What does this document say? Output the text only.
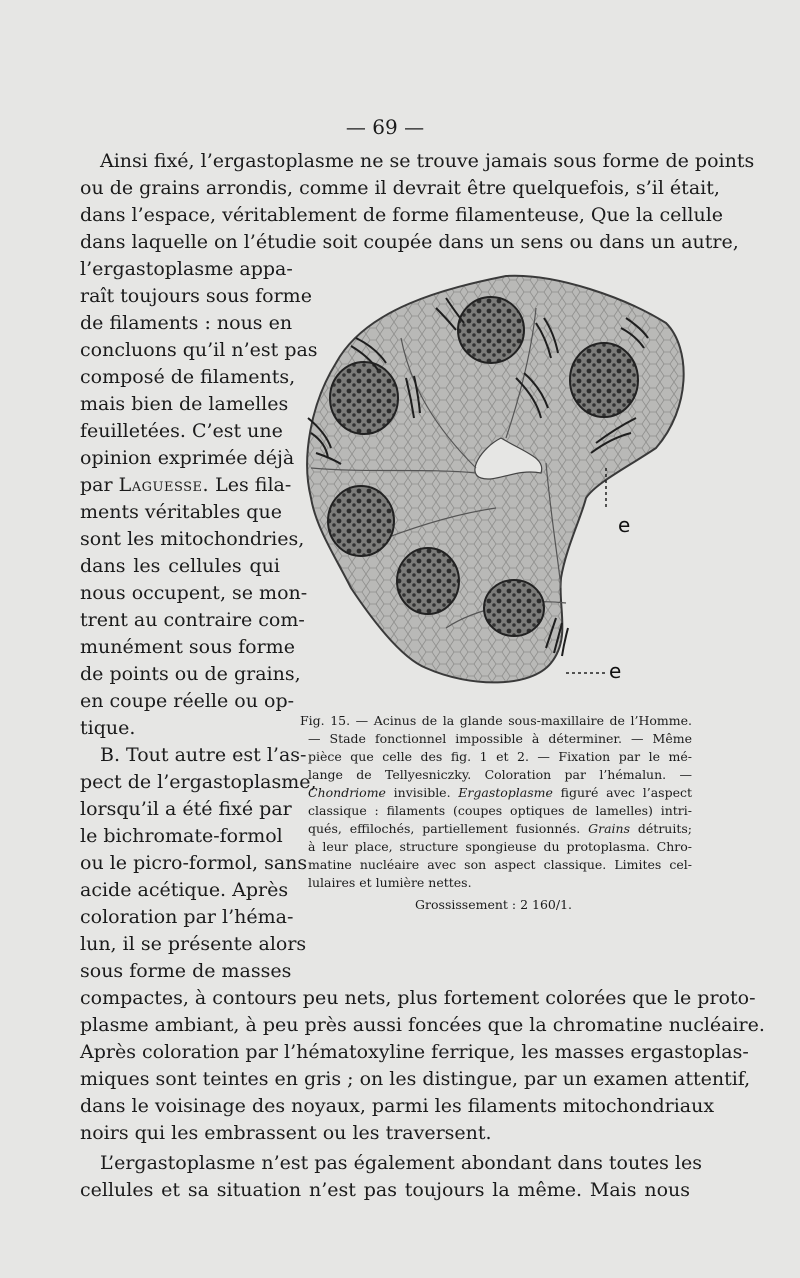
— 69 —
Ainsi fixé, l’ergastoplasme ne se trouve jamais sous forme de points
ou de grains arrondis, comme il devrait être quelquefois, s’il était,
dans l’espace, véritablement de forme filamenteuse, Que la cellule
dans laquelle on l’étudie soit coupée dans un sens ou dans un autre,
l’ergastoplasme appa-
raît toujours sous forme
de filaments : nous en
concluons qu’il n’est pas
composé de filaments,
mais bien de lamelles
feuilletées. C’est une
opinion exprimée déjà
par Laguesse. Les fila-
ments véritables que
sont les mitochondries,
dans les cellules qui
nous occupent, se mon-
trent au contraire com-
munément sous forme
de points ou de grains,
en coupe réelle ou op-
tique.
B. Tout autre est l’as-
pect de l’ergastoplasme,
lorsqu’il a été fixé par
le bichromate-formol
ou le picro-formol, sans
acide acétique. Après
coloration par l’héma-
lun, il se présente alors
sous forme de masses
compactes, à contours peu nets, plus fortement colorées que le proto-
plasme ambiant, à peu près aussi foncées que la chromatine nucléaire.
Après coloration par l’hématoxyline ferrique, les masses ergastoplas-
miques sont teintes en gris ; on les distingue, par un examen attentif,
dans le voisinage des noyaux, parmi les filaments mitochondriaux
noirs qui les embrassent ou les traversent.
L’ergastoplasme n’est pas également abondant dans toutes les
cellules et sa situation n’est pas toujours la même. Mais nous
e
e
Fig. 15. — Acinus de la glande sous-maxillaire de l’Homme.
— Stade fonctionnel impossible à déterminer. — Même
pièce que celle des fig. 1 et 2. — Fixation par le mé-
lange de Tellyesniczky. Coloration par l’hémalun. —
Chondriome invisible. Ergastoplasme figuré avec l’aspect
classique : filaments (coupes optiques de lamelles) intri-
qués, effilochés, partiellement fusionnés. Grains détruits;
à leur place, structure spongieuse du protoplasma. Chro-
matine nucléaire avec son aspect classique. Limites cel-
lulaires et lumière nettes.
Grossissement : 2 160/1.
